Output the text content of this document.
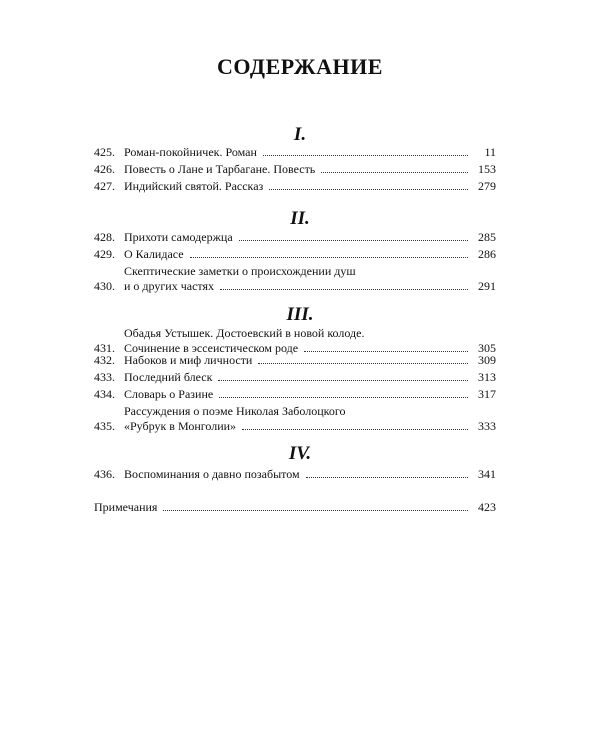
СОДЕРЖАНИЕ
I.
425. Роман-покойничек. Роман	11
426. Повесть о Лане и Тарбагане. Повесть	153
427. Индийский святой. Рассказ	279
II.
428. Прихоти самодержца	285
429. О Калидасе	286
430.
Скептические заметки о происхождении душ
и о других частях	291
III.
431.
Обадья Устышек. Достоевский в новой колоде.
Сочинение в эссеистическом роде	305
432. Набоков и миф личности	309
433. Последний блеск	313
434. Словарь о Разине	317
435.
Рассуждения о поэме Николая Заболоцкого
«Рубрук в Монголии»	333
IV.
436. Воспоминания о давно позабытом	341
Примечания	423
